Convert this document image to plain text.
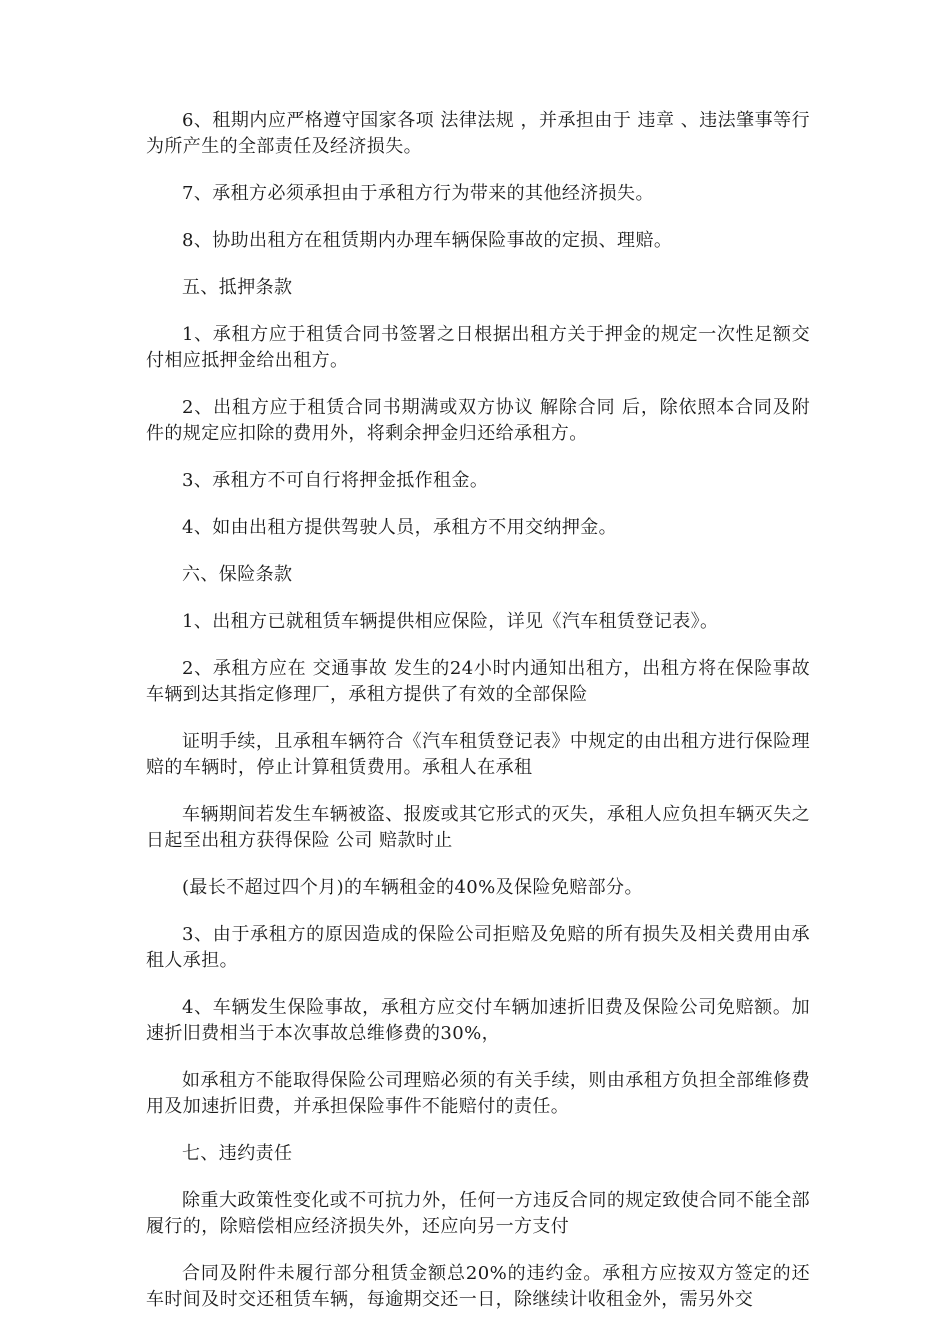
6、租期内应严格遵守国家各项 法律法规 ，并承担由于 违章 、违法肇事等行为所产生的全部责任及经济损失。

7、承租方必须承担由于承租方行为带来的其他经济损失。

8、协助出租方在租赁期内办理车辆保险事故的定损、理赔。

五、抵押条款

1、承租方应于租赁合同书签署之日根据出租方关于押金的规定一次性足额交付相应抵押金给出租方。

2、出租方应于租赁合同书期满或双方协议 解除合同 后，除依照本合同及附件的规定应扣除的费用外，将剩余押金归还给承租方。

3、承租方不可自行将押金抵作租金。

4、如由出租方提供驾驶人员，承租方不用交纳押金。

六、保险条款

1、出租方已就租赁车辆提供相应保险，详见《汽车租赁登记表》。

2、承租方应在 交通事故 发生的24小时内通知出租方，出租方将在保险事故车辆到达其指定修理厂，承租方提供了有效的全部保险

证明手续，且承租车辆符合《汽车租赁登记表》中规定的由出租方进行保险理赔的车辆时，停止计算租赁费用。承租人在承租

车辆期间若发生车辆被盗、报废或其它形式的灭失，承租人应负担车辆灭失之日起至出租方获得保险 公司 赔款时止

(最长不超过四个月)的车辆租金的40%及保险免赔部分。

3、由于承租方的原因造成的保险公司拒赔及免赔的所有损失及相关费用由承租人承担。

4、车辆发生保险事故，承租方应交付车辆加速折旧费及保险公司免赔额。加速折旧费相当于本次事故总维修费的30%，

如承租方不能取得保险公司理赔必须的有关手续，则由承租方负担全部维修费用及加速折旧费，并承担保险事件不能赔付的责任。

七、违约责任

除重大政策性变化或不可抗力外，任何一方违反合同的规定致使合同不能全部履行的，除赔偿相应经济损失外，还应向另一方支付

合同及附件未履行部分租赁金额总20%的违约金。承租方应按双方签定的还车时间及时交还租赁车辆，每逾期交还一日，除继续计收租金外，需另外交
